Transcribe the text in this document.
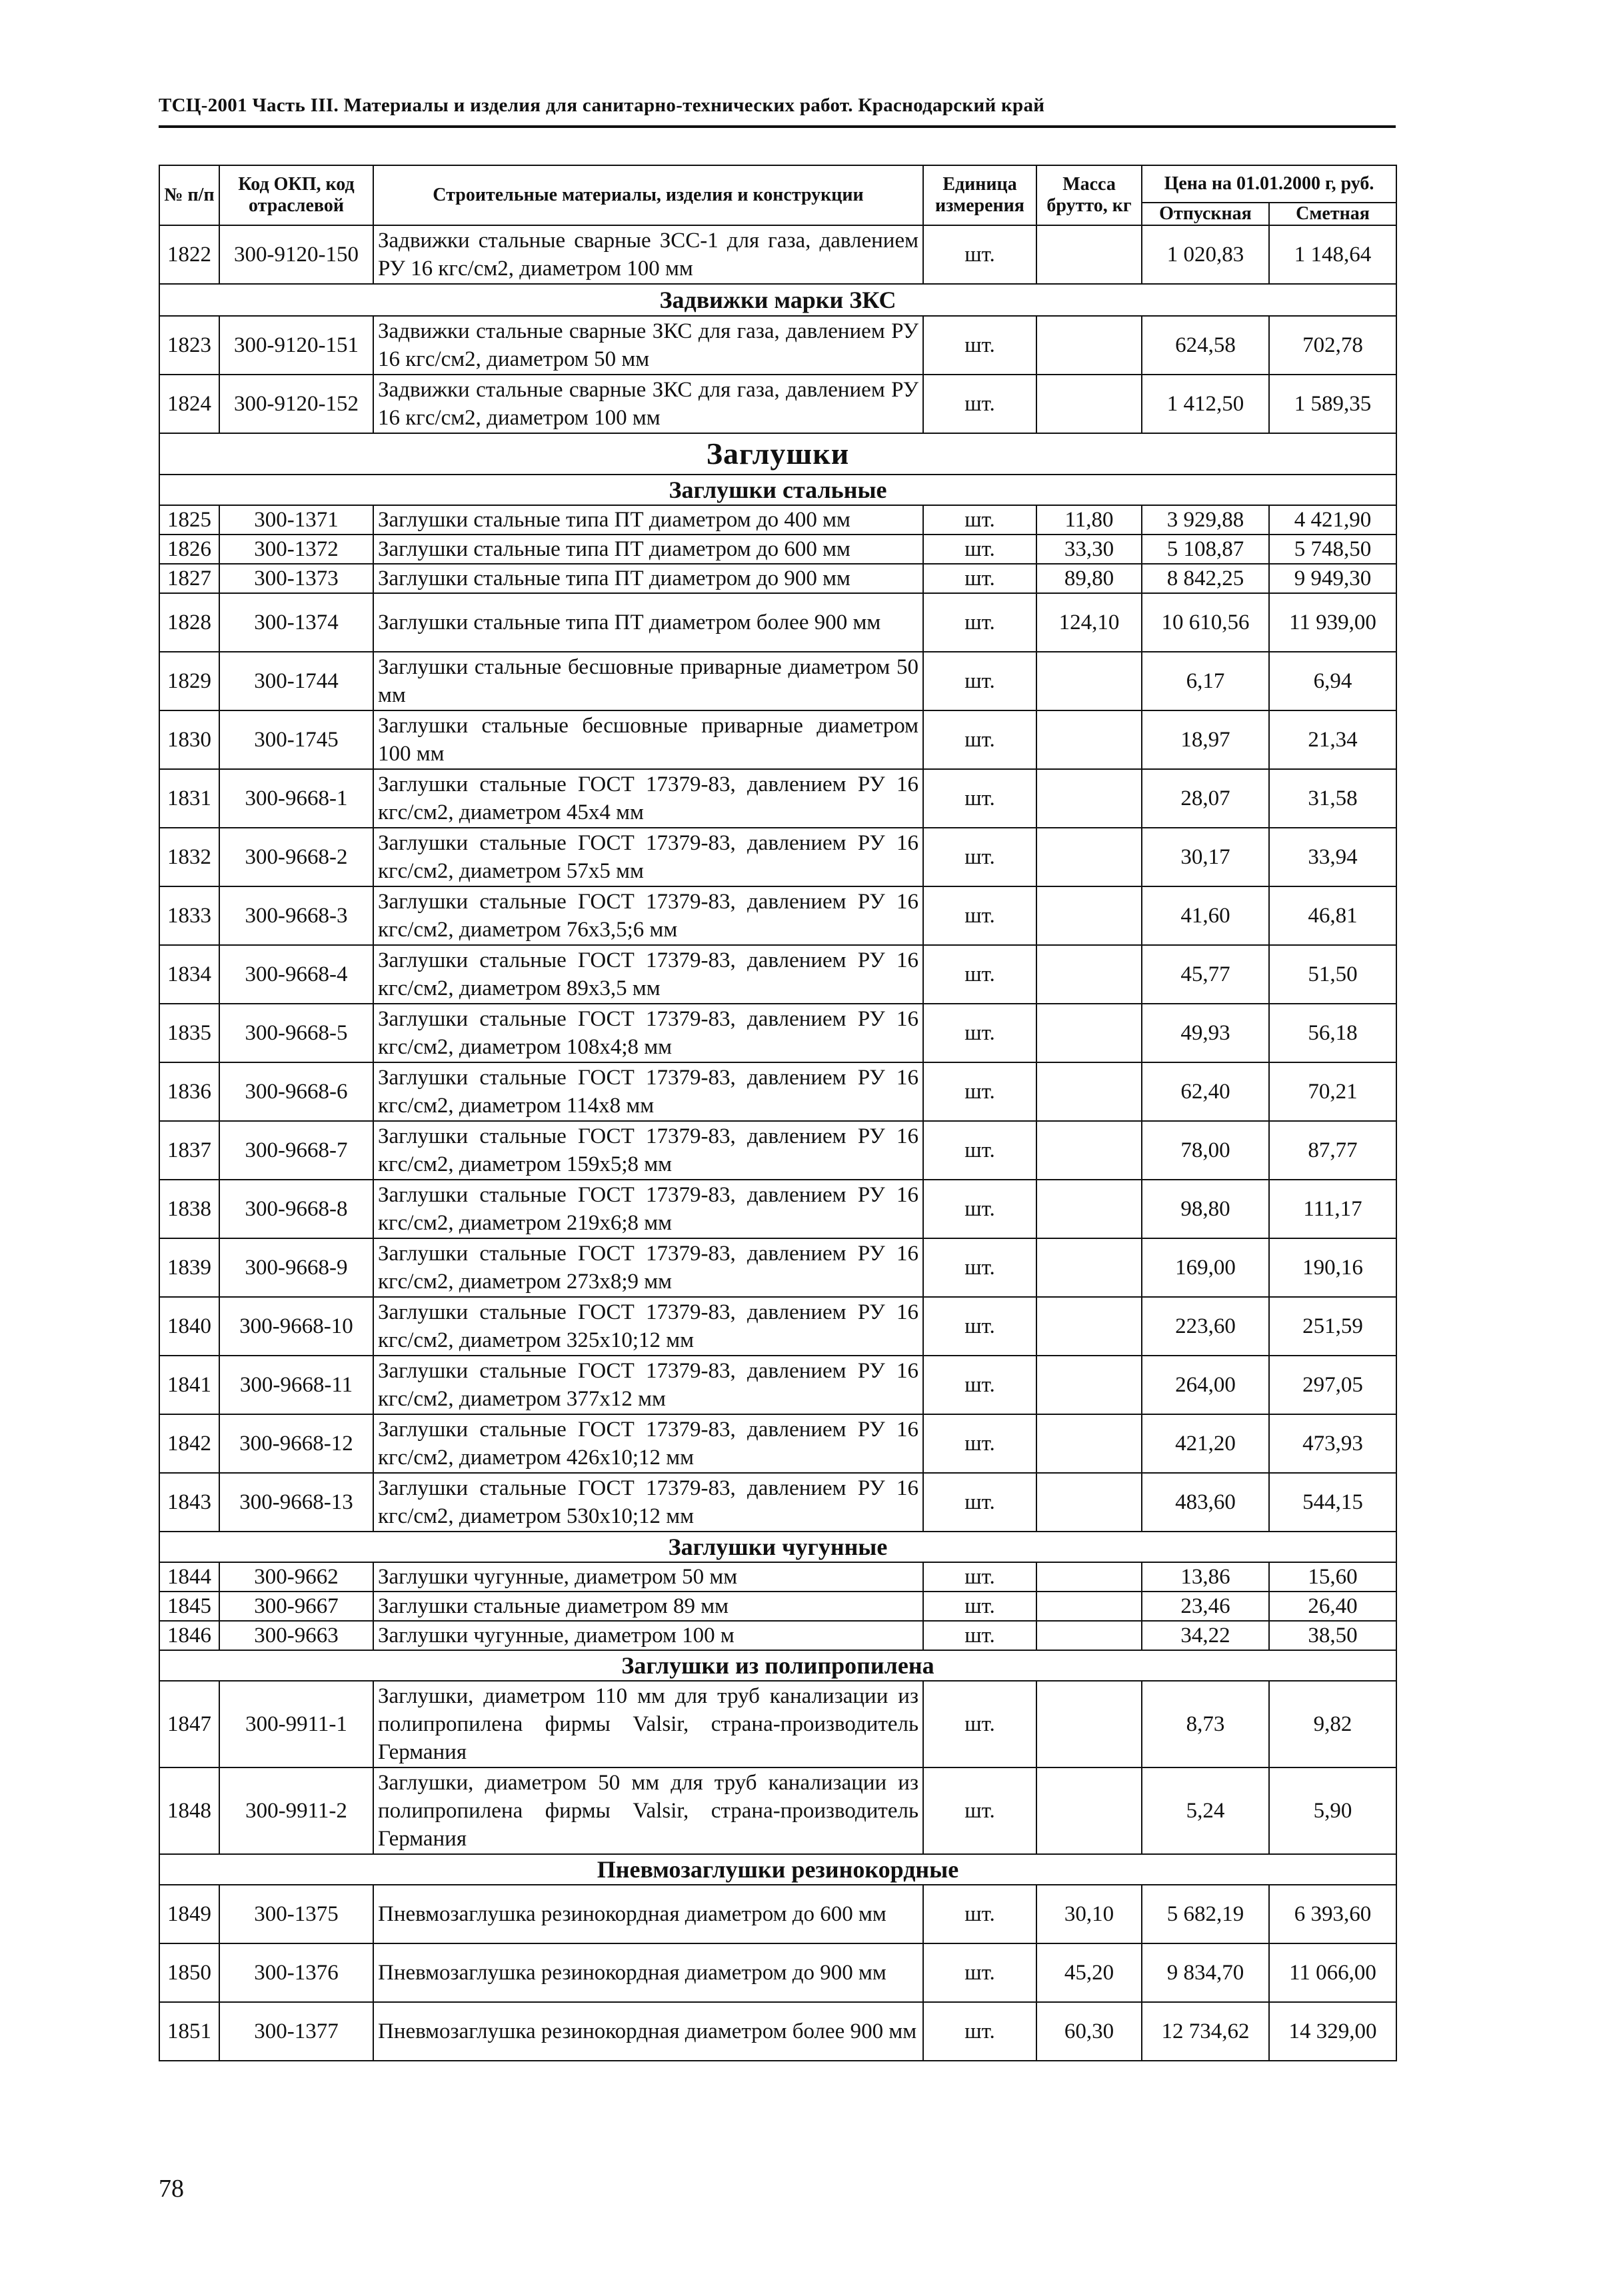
ТСЦ-2001 Часть III. Материалы и изделия для санитарно-технических работ. Краснодарский край
№ п/п	Код ОКП, код отраслевой	Строительные материалы, изделия и конструкции	Единица измерения	Масса брутто, кг	Цена на 01.01.2000 г, руб.	
					Отпускная	Сметная
1822	300-9120-150	Задвижки стальные сварные ЗСС-1 для газа, давлением РУ 16 кгс/см2, диаметром 100 мм	шт.		1 020,83	1 148,64
Задвижки марки ЗКС						
1823	300-9120-151	Задвижки стальные сварные ЗКС для газа, давлением РУ 16 кгс/см2, диаметром 50 мм	шт.		624,58	702,78
1824	300-9120-152	Задвижки стальные сварные ЗКС для газа, давлением РУ 16 кгс/см2, диаметром 100 мм	шт.		1 412,50	1 589,35
Заглушки						
Заглушки стальные						
1825	300-1371	Заглушки стальные типа ПТ диаметром до 400 мм	шт.	11,80	3 929,88	4 421,90
1826	300-1372	Заглушки стальные типа ПТ диаметром до 600 мм	шт.	33,30	5 108,87	5 748,50
1827	300-1373	Заглушки стальные типа ПТ диаметром до 900 мм	шт.	89,80	8 842,25	9 949,30
1828	300-1374	Заглушки стальные типа ПТ диаметром более 900 мм	шт.	124,10	10 610,56	11 939,00
1829	300-1744	Заглушки стальные бесшовные приварные диаметром 50 мм	шт.		6,17	6,94
1830	300-1745	Заглушки стальные бесшовные приварные диаметром 100 мм	шт.		18,97	21,34
1831	300-9668-1	Заглушки стальные ГОСТ 17379-83, давлением РУ 16 кгс/см2, диаметром 45х4 мм	шт.		28,07	31,58
1832	300-9668-2	Заглушки стальные ГОСТ 17379-83, давлением РУ 16 кгс/см2, диаметром 57х5 мм	шт.		30,17	33,94
1833	300-9668-3	Заглушки стальные ГОСТ 17379-83, давлением РУ 16 кгс/см2, диаметром 76х3,5;6 мм	шт.		41,60	46,81
1834	300-9668-4	Заглушки стальные ГОСТ 17379-83, давлением РУ 16 кгс/см2, диаметром 89х3,5 мм	шт.		45,77	51,50
1835	300-9668-5	Заглушки стальные ГОСТ 17379-83, давлением РУ 16 кгс/см2, диаметром 108х4;8 мм	шт.		49,93	56,18
1836	300-9668-6	Заглушки стальные ГОСТ 17379-83, давлением РУ 16 кгс/см2, диаметром 114х8 мм	шт.		62,40	70,21
1837	300-9668-7	Заглушки стальные ГОСТ 17379-83, давлением РУ 16 кгс/см2, диаметром 159х5;8 мм	шт.		78,00	87,77
1838	300-9668-8	Заглушки стальные ГОСТ 17379-83, давлением РУ 16 кгс/см2, диаметром 219х6;8 мм	шт.		98,80	111,17
1839	300-9668-9	Заглушки стальные ГОСТ 17379-83, давлением РУ 16 кгс/см2, диаметром 273х8;9 мм	шт.		169,00	190,16
1840	300-9668-10	Заглушки стальные ГОСТ 17379-83, давлением РУ 16 кгс/см2, диаметром 325х10;12 мм	шт.		223,60	251,59
1841	300-9668-11	Заглушки стальные ГОСТ 17379-83, давлением РУ 16 кгс/см2, диаметром 377х12 мм	шт.		264,00	297,05
1842	300-9668-12	Заглушки стальные ГОСТ 17379-83, давлением РУ 16 кгс/см2, диаметром 426х10;12 мм	шт.		421,20	473,93
1843	300-9668-13	Заглушки стальные ГОСТ 17379-83, давлением РУ 16 кгс/см2, диаметром 530х10;12 мм	шт.		483,60	544,15
Заглушки чугунные						
1844	300-9662	Заглушки чугунные, диаметром 50 мм	шт.		13,86	15,60
1845	300-9667	Заглушки стальные диаметром 89 мм	шт.		23,46	26,40
1846	300-9663	Заглушки чугунные, диаметром 100 м	шт.		34,22	38,50
Заглушки из полипропилена						
1847	300-9911-1	Заглушки, диаметром 110 мм для труб канализации из полипропилена фирмы Valsir, страна-производитель Германия	шт.		8,73	9,82
1848	300-9911-2	Заглушки, диаметром 50 мм для труб канализации из полипропилена фирмы Valsir, страна-производитель Германия	шт.		5,24	5,90
Пневмозаглушки резинокордные						
1849	300-1375	Пневмозаглушка резинокордная диаметром до 600 мм	шт.	30,10	5 682,19	6 393,60
1850	300-1376	Пневмозаглушка резинокордная диаметром до 900 мм	шт.	45,20	9 834,70	11 066,00
1851	300-1377	Пневмозаглушка резинокордная диаметром более 900 мм	шт.	60,30	12 734,62	14 329,00
78
